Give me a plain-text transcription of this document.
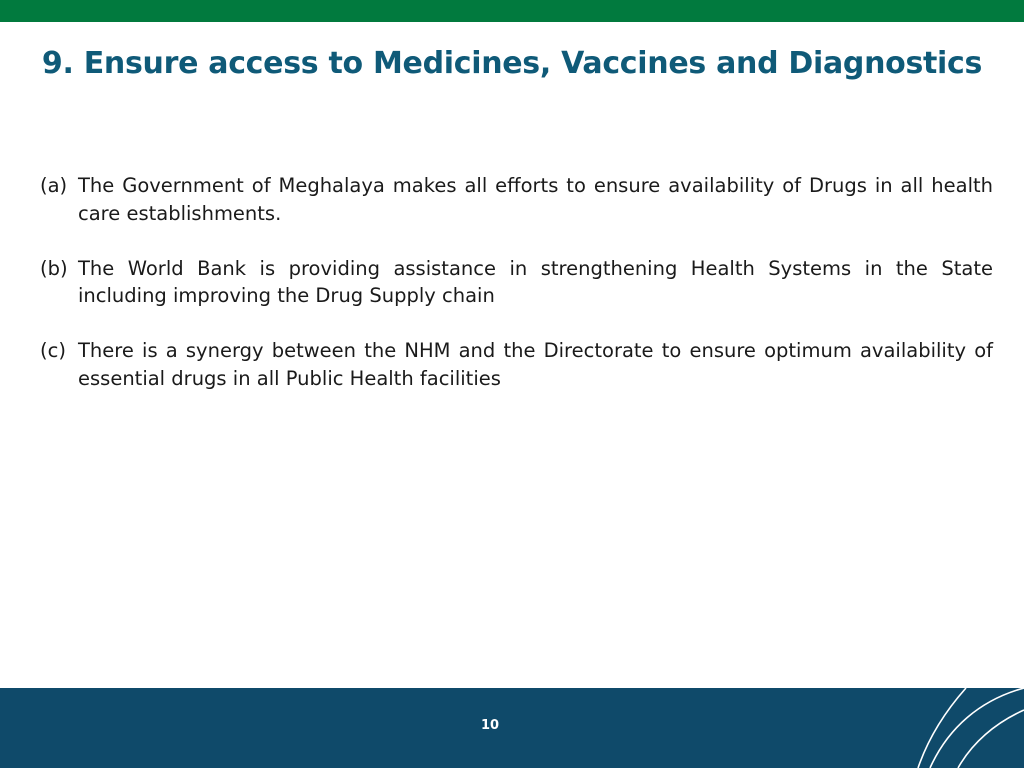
9. Ensure access to Medicines, Vaccines and Diagnostics
(a) The Government of Meghalaya makes all efforts to ensure availability of Drugs in all health care establishments.
(b) The World Bank is providing assistance in strengthening Health Systems in the State including improving the Drug Supply chain
(c) There is a synergy between the NHM and the Directorate to ensure optimum availability of essential drugs in all Public Health facilities
10
